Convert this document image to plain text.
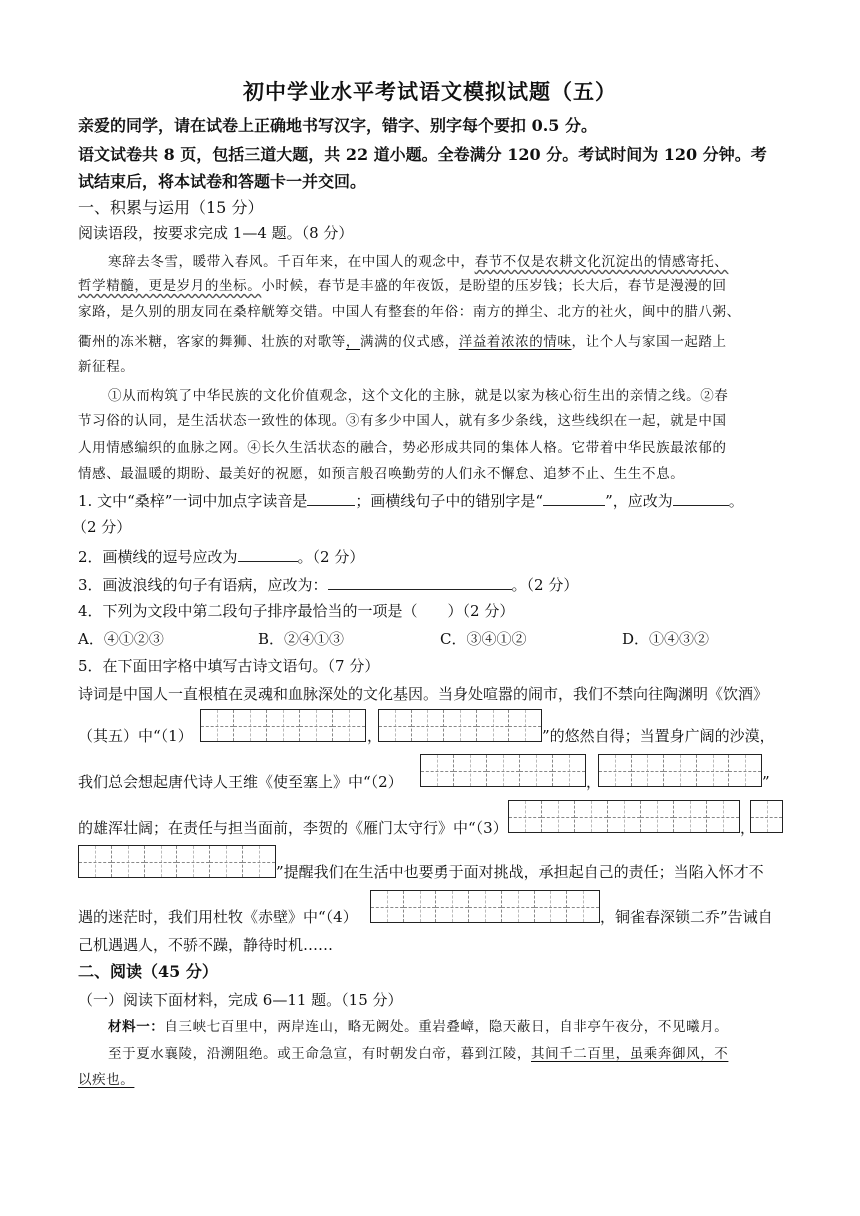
初中学业水平考试语文模拟试题（五）
亲爱的同学，请在试卷上正确地书写汉字，错字、别字每个要扣 0.5 分。
语文试卷共 8 页，包括三道大题，共 22 道小题。全卷满分 120 分。考试时间为 120 分钟。考
试结束后，将本试卷和答题卡一并交回。
一、积累与运用（15 分）
阅读语段，按要求完成 1—4 题。（8 分）
寒辞去冬雪，暖带入春风。千百年来，在中国人的观念中，春节不仅是农耕文化沉淀出的情感寄托、
哲学精髓，更是岁月的坐标。小时候，春节是丰盛的年夜饭，是盼望的压岁钱；长大后，春节是漫漫的回
家路，是久别的朋友同在桑梓觥筹交错。中国人有整套的年俗：南方的掸尘、北方的社火，闽中的腊八粥、
衢州的冻米糖，客家的舞狮、壮族的对歌等，满满的仪式感，洋益着浓浓的情味，让个人与家国一起踏上
新征程。
①从而构筑了中华民族的文化价值观念，这个文化的主脉，就是以家为核心衍生出的亲情之线。②春
节习俗的认同，是生活状态一致性的体现。③有多少中国人，就有多少条线，这些线织在一起，就是中国
人用情感编织的血脉之网。④长久生活状态的融合，势必形成共同的集体人格。它带着中华民族最浓郁的
情感、最温暖的期盼、最美好的祝愿，如预言般召唤勤劳的人们永不懈怠、追梦不止、生生不息。
1. 文中“桑梓”一词中加点字读音是	；画横线句子中的错别字是“	”，应改为	。
（2 分）
2．画横线的逗号应改为	。（2 分）
3．画波浪线的句子有语病，应改为：	。（2 分）
4．下列为文段中第二段句子排序最恰当的一项是（　　）（2 分）
A．④①②③	B．②④①③	C．③④①②	D．①④③②
5．在下面田字格中填写古诗文语句。（7 分）
诗词是中国人一直根植在灵魂和血脉深处的文化基因。当身处喧嚣的闹市，我们不禁向往陶渊明《饮酒》
（其五）中“（1）	，	”的悠然自得；当置身广阔的沙漠，
我们总会想起唐代诗人王维《使至塞上》中“（2）	，	”
的雄浑壮阔；在责任与担当面前，李贺的《雁门太守行》中“（3）	，
”提醒我们在生活中也要勇于面对挑战，承担起自己的责任；当陷入怀才不
遇的迷茫时，我们用杜牧《赤壁》中“（4）	，铜雀春深锁二乔”告诫自
己机遇遇人，不骄不躁，静待时机……
二、阅读（45 分）
（一）阅读下面材料，完成 6—11 题。（15 分）
材料一：自三峡七百里中，两岸连山，略无阙处。重岩叠嶂，隐天蔽日，自非亭午夜分，不见曦月。
至于夏水襄陵，沿溯阻绝。或王命急宣，有时朝发白帝，暮到江陵，其间千二百里，虽乘奔御风，不
以疾也。
